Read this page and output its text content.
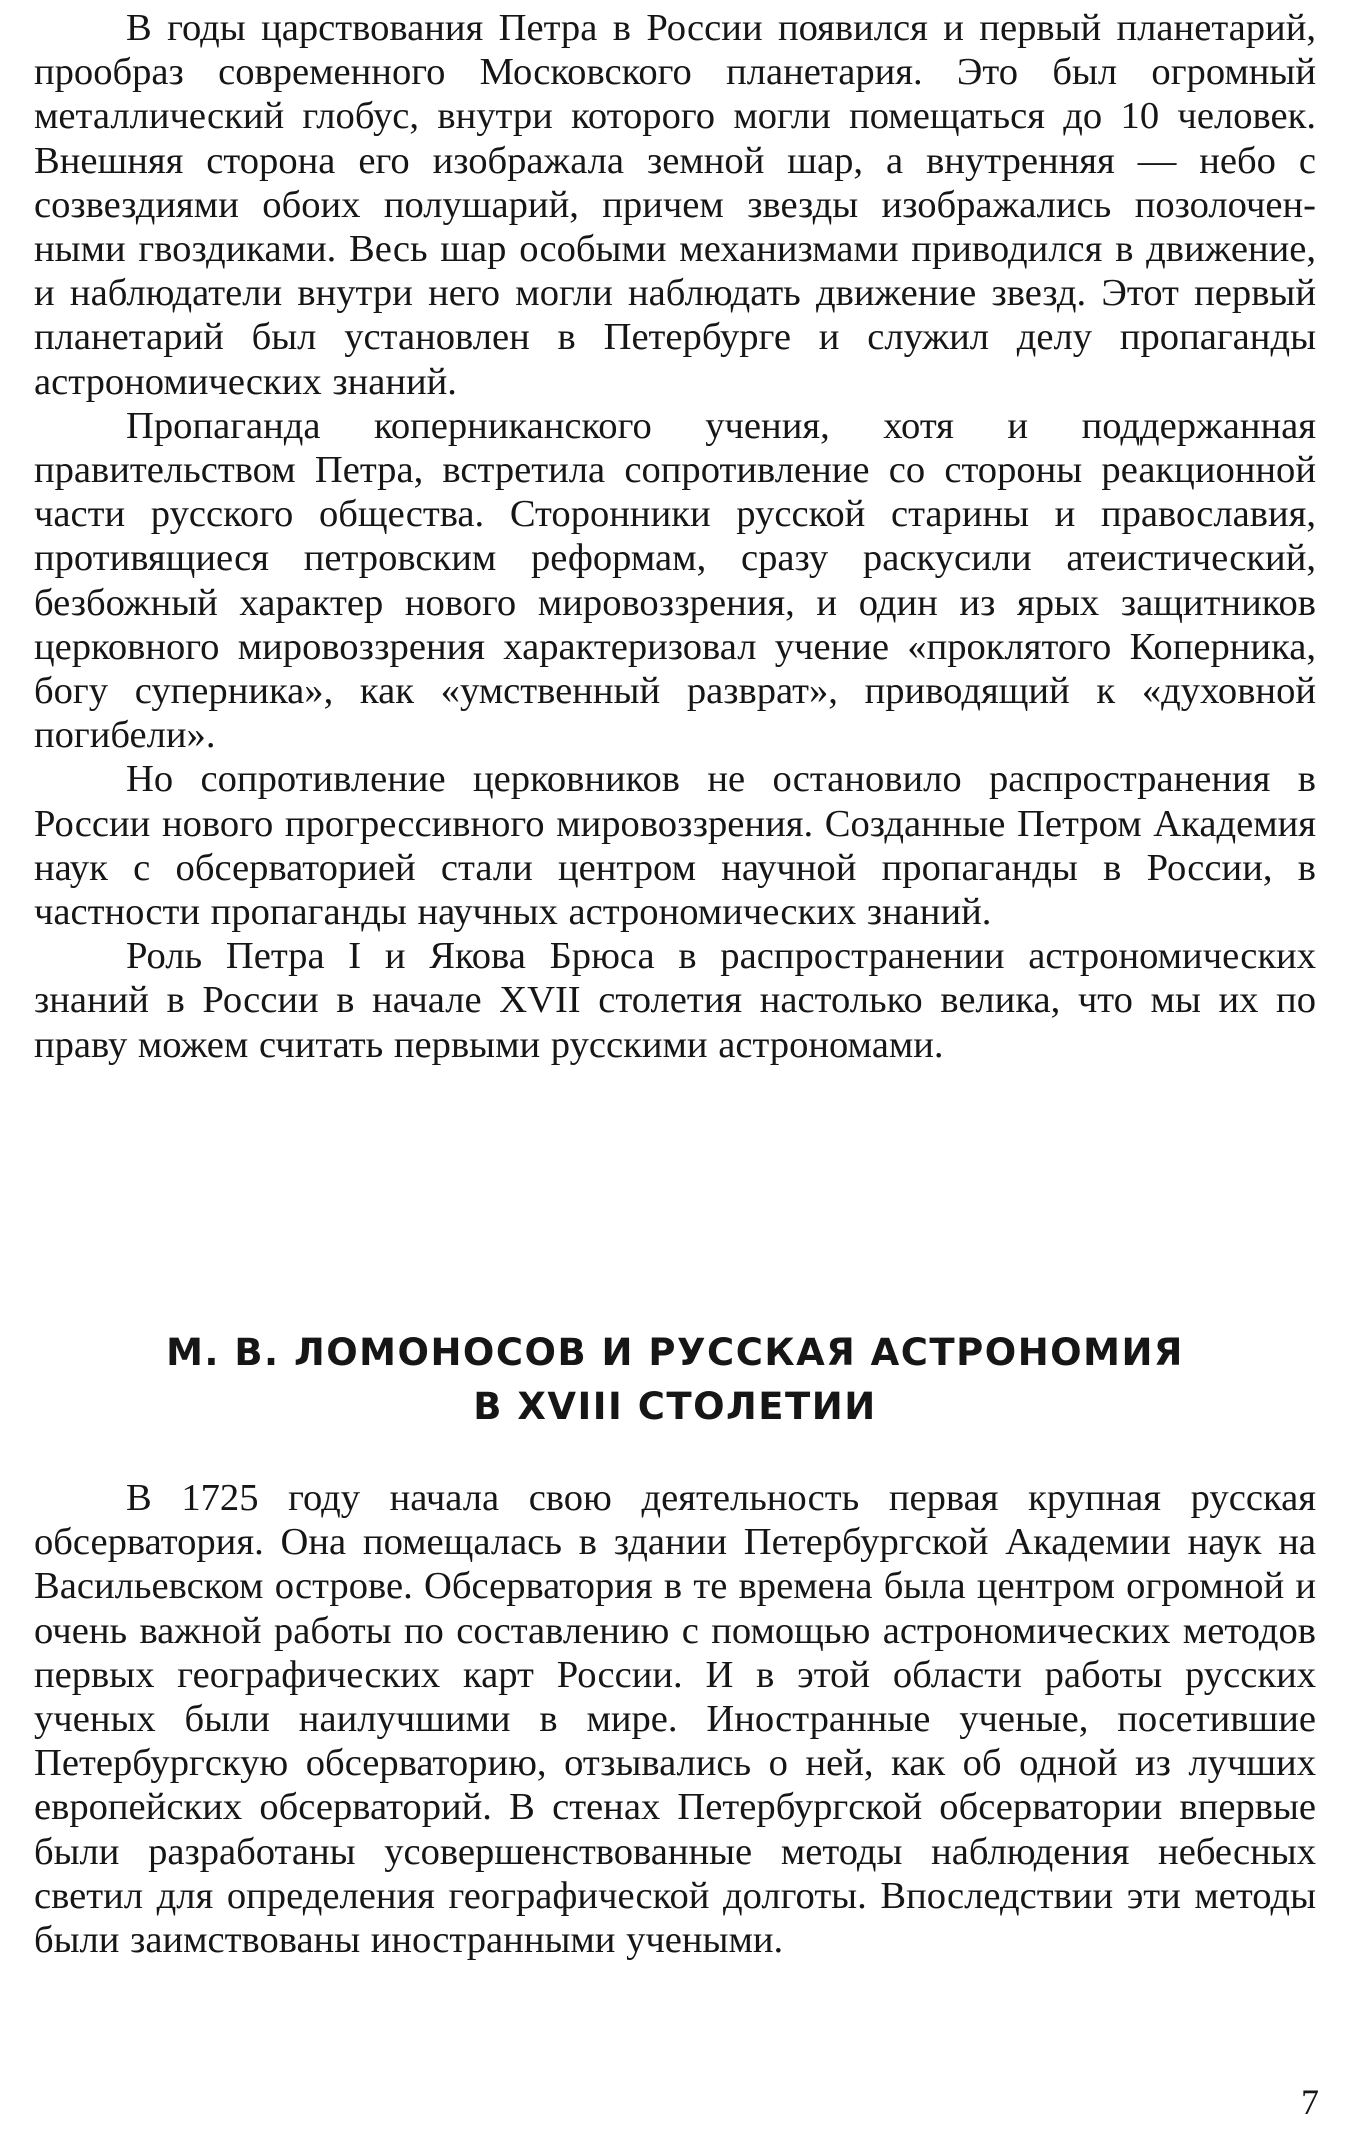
В годы царствования Петра в России появился и первый планетарий, прообраз современного Московского планетария. Это был огромный металлический глобус, внутри которого могли помещаться до 10 человек. Внешняя сторона его изображала земной шар, а внутренняя — небо с созвездиями обоих полушарий, причем звезды изображались позолоченными гвоздиками. Весь шар особыми механизмами приводился в движение, и наблюдатели внутри него могли наблюдать движение звезд. Этот первый планетарий был установлен в Петербурге и служил делу пропаганды астрономических знаний.

Пропаганда коперниканского учения, хотя и поддержанная правительством Петра, встретила сопротивление со стороны реакционной части русского общества. Сторонники русской старины и православия, противящиеся петровским реформам, сразу раскусили атеистический, безбожный характер нового мировоззрения, и один из ярых защитников церковного мировоззрения характеризовал учение «проклятого Коперника, богу суперника», как «умственный разврат», приводящий к «духовной погибели».

Но сопротивление церковников не остановило распространения в России нового прогрессивного мировоззрения. Созданные Петром Академия наук с обсерваторией стали центром научной пропаганды в России, в частности пропаганды научных астрономических знаний.

Роль Петра I и Якова Брюса в распространении астрономических знаний в России в начале XVII столетия настолько велика, что мы их по праву можем считать первыми русскими астрономами.

М. В. ЛОМОНОСОВ И РУССКАЯ АСТРОНОМИЯ
В XVIII СТОЛЕТИИ

В 1725 году начала свою деятельность первая крупная русская обсерватория. Она помещалась в здании Петербургской Академии наук на Васильевском острове. Обсерватория в те времена была центром огромной и очень важной работы по составлению с помощью астрономических методов первых географических карт России. И в этой области работы русских ученых были наилучшими в мире. Иностранные ученые, посетившие Петербургскую обсерваторию, отзывались о ней, как об одной из лучших европейских обсерваторий. В стенах Петербургской обсерватории впервые были разработаны усовершенствованные методы наблюдения небесных светил для определения географической долготы. Впоследствии эти методы были заимствованы иностранными учеными.

7
